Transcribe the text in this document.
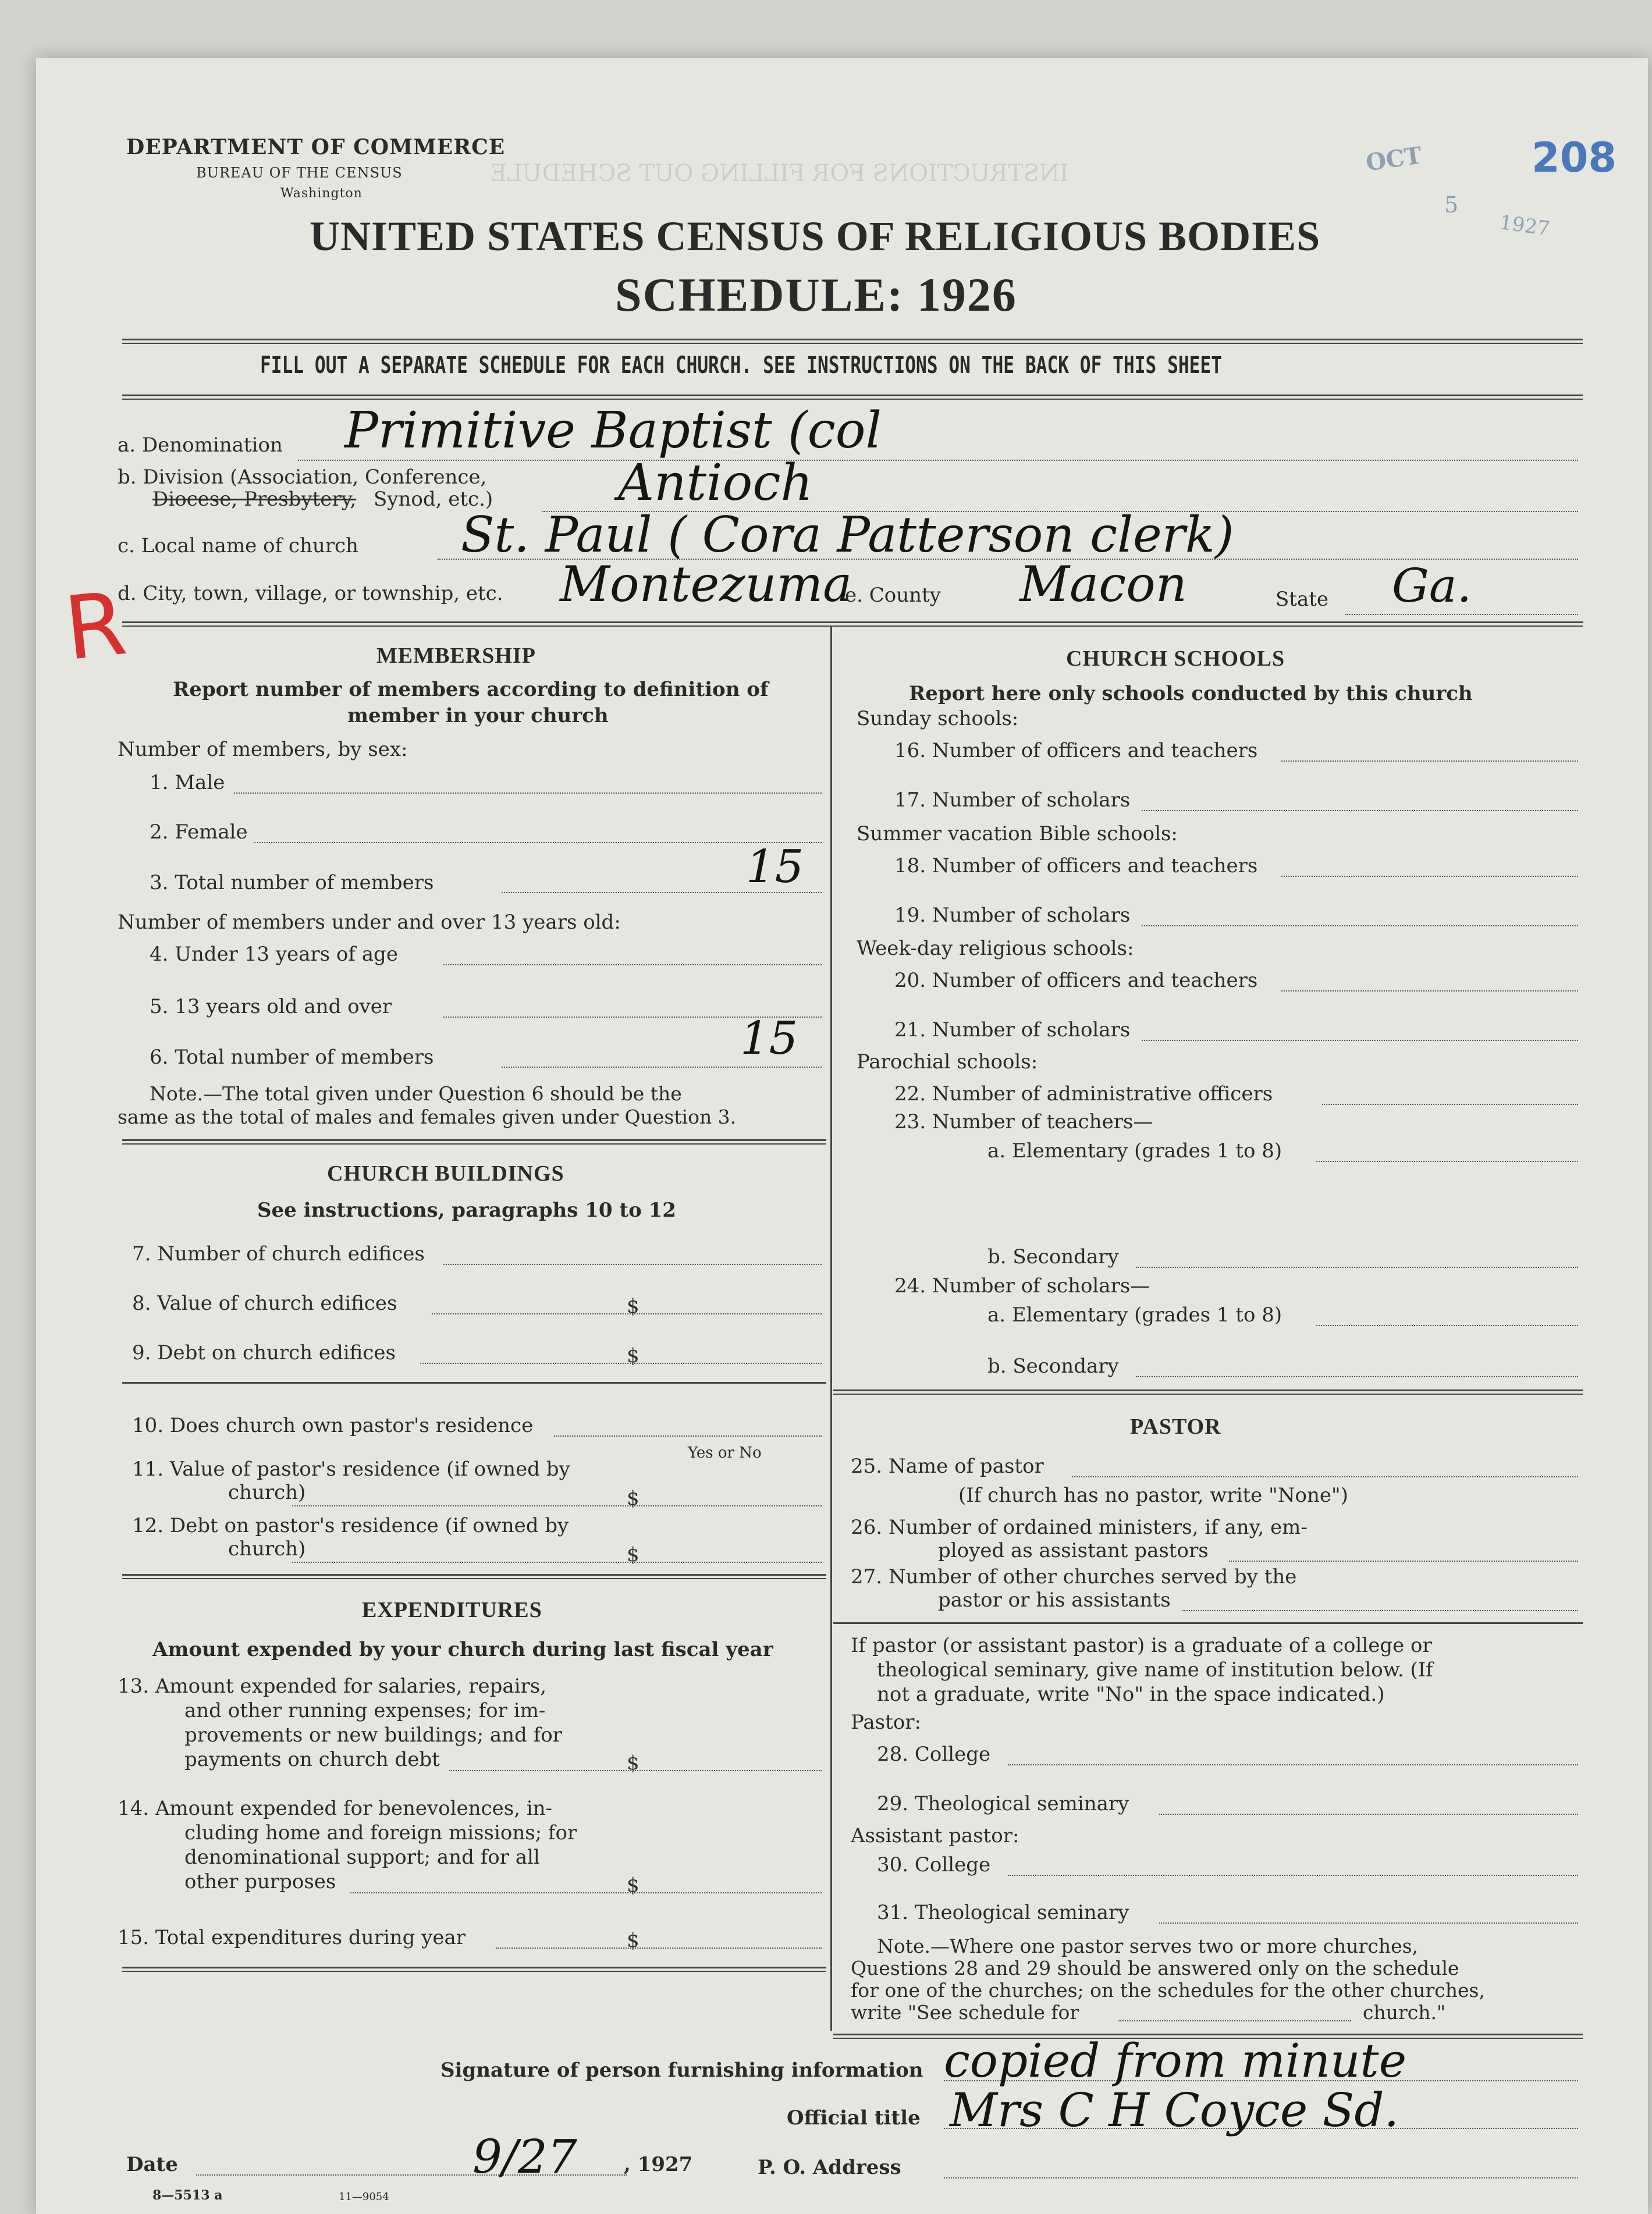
INSTRUCTIONS FOR FILLING OUT SCHEDULE
DEPARTMENT OF COMMERCE
BUREAU OF THE CENSUS
Washington
OCT
5
1927
208
UNITED STATES CENSUS OF RELIGIOUS BODIES
SCHEDULE: 1926
FILL OUT A SEPARATE SCHEDULE FOR EACH CHURCH. SEE INSTRUCTIONS ON THE BACK OF THIS SHEET
R
a. Denomination Primitive Baptist (col
b. Division (Association, Conference,
Diocese, Presbytery, Synod, etc.) Antioch
c. Local name of church St. Paul ( Cora Patterson clerk)
d. City, town, village, or township, etc. Montezuma
e. County Macon	State Ga.
MEMBERSHIP
Report number of members according to definition of
member in your church
Number of members, by sex:
1. Male
2. Female
3. Total number of members	15
Number of members under and over 13 years old:
4. Under 13 years of age
5. 13 years old and over
6. Total number of members	15
Note.—The total given under Question 6 should be the
same as the total of males and females given under Question 3.
CHURCH BUILDINGS
See instructions, paragraphs 10 to 12
7. Number of church edifices
8. Value of church edifices	$
9. Debt on church edifices	$
10. Does church own pastor's residence
Yes or No
11. Value of pastor's residence (if owned by
church)	$
12. Debt on pastor's residence (if owned by
church)	$
EXPENDITURES
Amount expended by your church during last fiscal year
13. Amount expended for salaries, repairs,
and other running expenses; for im-
provements or new buildings; and for
payments on church debt	$
14. Amount expended for benevolences, in-
cluding home and foreign missions; for
denominational support; and for all
other purposes	$
15. Total expenditures during year	$
CHURCH SCHOOLS
Report here only schools conducted by this church
Sunday schools:
16. Number of officers and teachers
17. Number of scholars
Summer vacation Bible schools:
18. Number of officers and teachers
19. Number of scholars
Week-day religious schools:
20. Number of officers and teachers
21. Number of scholars
Parochial schools:
22. Number of administrative officers
23. Number of teachers—
a. Elementary (grades 1 to 8)
b. Secondary
24. Number of scholars—
a. Elementary (grades 1 to 8)
b. Secondary
PASTOR
25. Name of pastor
(If church has no pastor, write "None")
26. Number of ordained ministers, if any, em-
ployed as assistant pastors
27. Number of other churches served by the
pastor or his assistants
If pastor (or assistant pastor) is a graduate of a college or
theological seminary, give name of institution below. (If
not a graduate, write "No" in the space indicated.)
Pastor:
28. College
29. Theological seminary
Assistant pastor:
30. College
31. Theological seminary
Note.—Where one pastor serves two or more churches,
Questions 28 and 29 should be answered only on the schedule
for one of the churches; on the schedules for the other churches,
write "See schedule for	church."
Signature of person furnishing information copied from minute
Official title Mrs C H Coyce Sd.
Date	9/27 , 1927	P. O. Address
8—5513 a	11—9054
